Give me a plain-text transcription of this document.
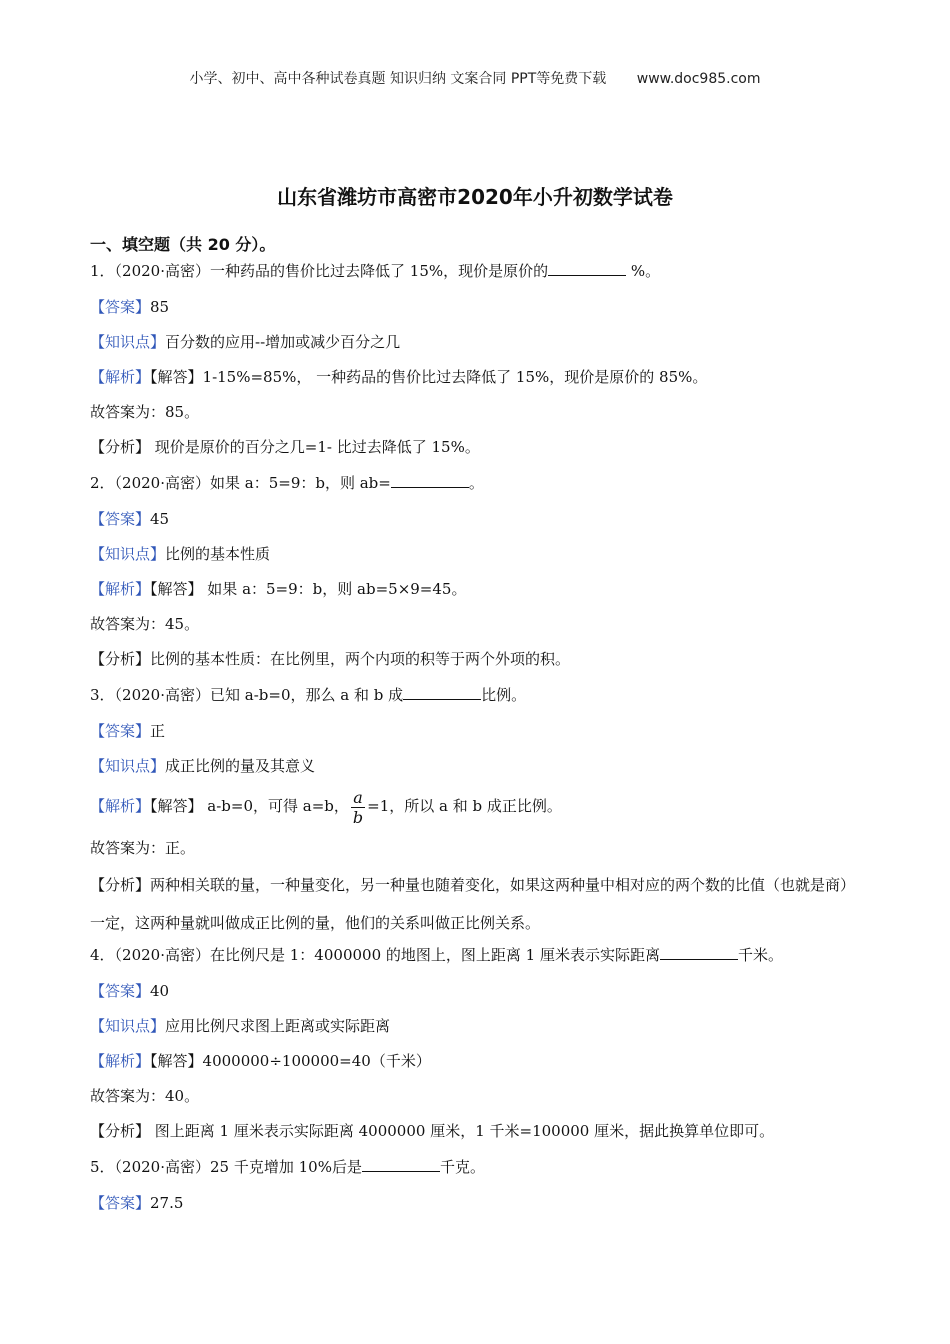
小学、初中、高中各种试卷真题 知识归纳 文案合同 PPT等免费下载 www.doc985.com
山东省潍坊市高密市2020年小升初数学试卷
一、填空题（共 20 分）。
1．（2020·高密）一种药品的售价比过去降低了 15%，现价是原价的	%。
【答案】85
【知识点】百分数的应用--增加或减少百分之几
【解析】【解答】1-15%=85%， 一种药品的售价比过去降低了 15%，现价是原价的 85%。
故答案为：85。
【分析】 现价是原价的百分之几=1- 比过去降低了 15%。
2．（2020·高密）如果 a：5=9：b，则 ab=	。
【答案】45
【知识点】比例的基本性质
【解析】【解答】 如果 a：5=9：b，则 ab=5×9=45。
故答案为：45。
【分析】比例的基本性质：在比例里，两个内项的积等于两个外项的积。
3．（2020·高密）已知 a-b=0，那么 a 和 b 成	比例。
【答案】正
【知识点】成正比例的量及其意义
【解析】【解答】 a-b=0，可得 a=b， $\frac{a}{b} =1$，所以 a 和 b 成正比例。
故答案为：正。
【分析】两种相关联的量，一种量变化，另一种量也随着变化，如果这两种量中相对应的两个数的比值（也就是商）一定，这两种量就叫做成正比例的量，他们的关系叫做正比例关系。
4．（2020·高密）在比例尺是 1：4000000 的地图上，图上距离 1 厘米表示实际距离	千米。
【答案】40
【知识点】应用比例尺求图上距离或实际距离
【解析】【解答】4000000÷100000=40（千米）
故答案为：40。
【分析】 图上距离 1 厘米表示实际距离 4000000 厘米，1 千米=100000 厘米，据此换算单位即可。
5．（2020·高密）25 千克增加 10%后是	千克。
【答案】27.5
